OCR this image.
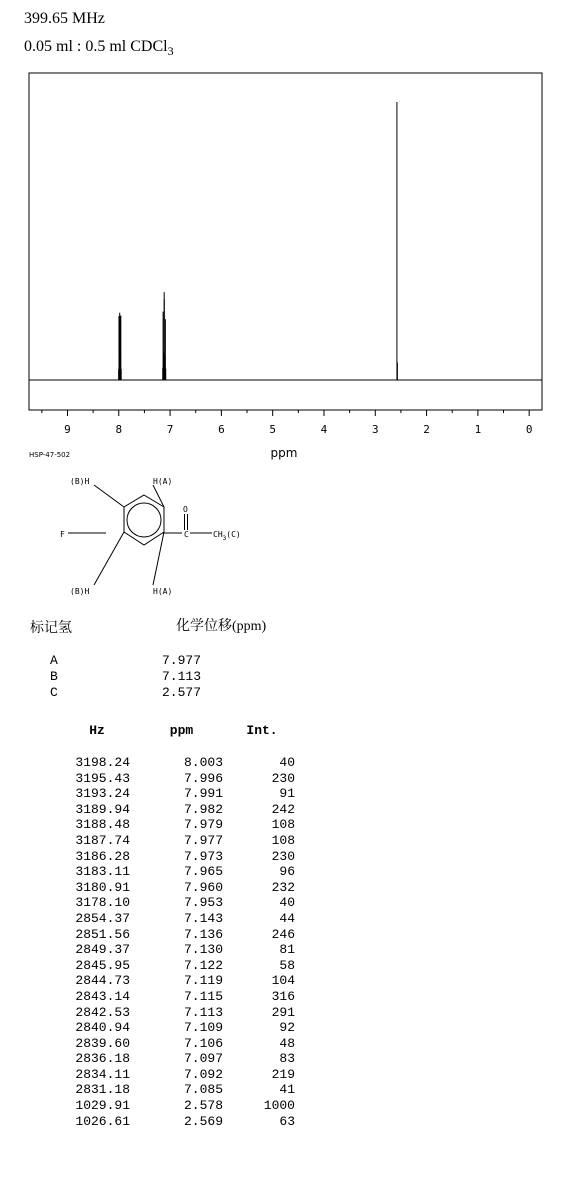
399.65 MHz
0.05 ml : 0.5 ml CDCl$_3$
9	8	7	6	5	4	3	2	1	0
ppm
HSP-47-502
(B)H	H(A)
F
O
C	$CH_3(C)$
(B)H	H(A)
标记氢	化学位移(ppm)
A	7.977
B	7.113
C	2.577
Hz	ppm	Int.

3198.24	8.003	40
3195.43	7.996	230
3193.24	7.991	91
3189.94	7.982	242
3188.48	7.979	108
3187.74	7.977	108
3186.28	7.973	230
3183.11	7.965	96
3180.91	7.960	232
3178.10	7.953	40
2854.37	7.143	44
2851.56	7.136	246
2849.37	7.130	81
2845.95	7.122	58
2844.73	7.119	104
2843.14	7.115	316
2842.53	7.113	291
2840.94	7.109	92
2839.60	7.106	48
2836.18	7.097	83
2834.11	7.092	219
2831.18	7.085	41
1029.91	2.578	1000
1026.61	2.569	63
